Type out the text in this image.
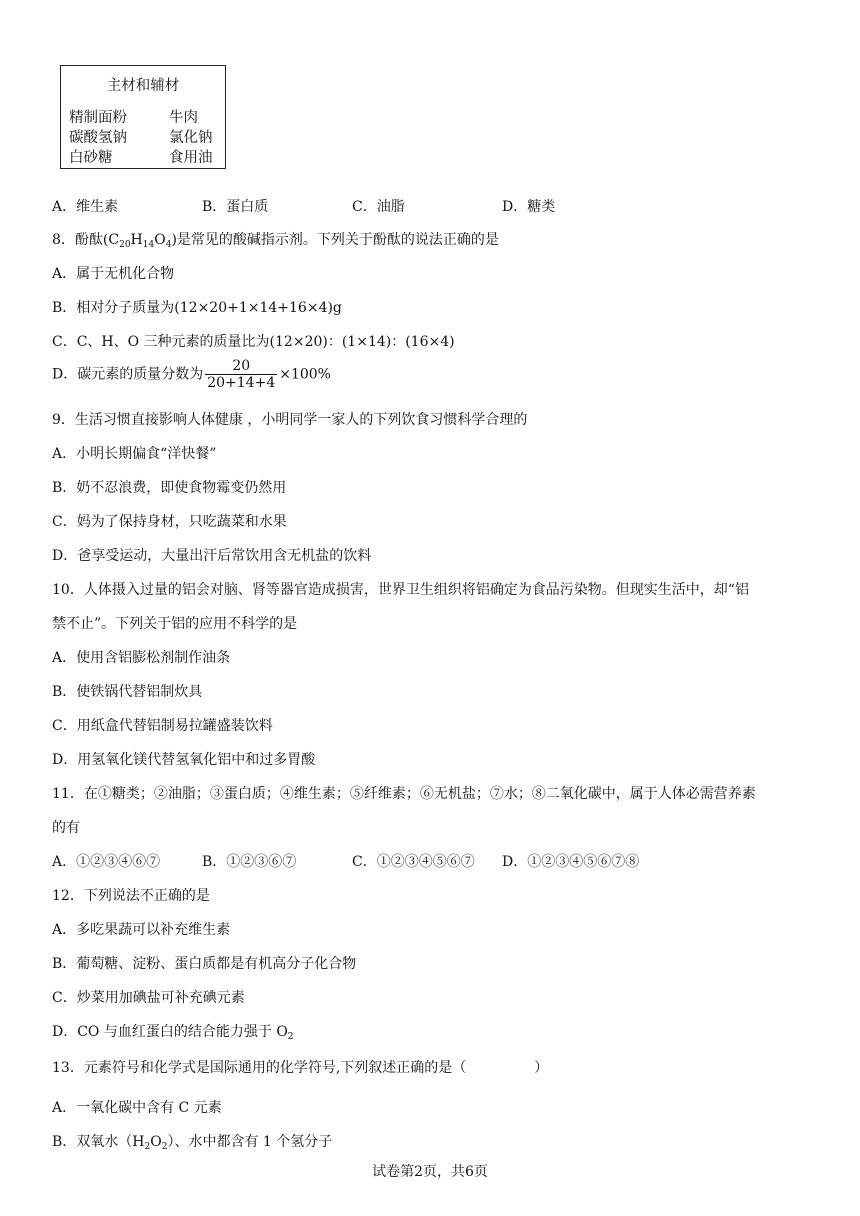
主材和辅材
精制面粉	牛肉
碳酸氢钠	氯化钠
白砂糖	食用油
A．维生素	B．蛋白质	C．油脂	D．糖类
8．酚酞$(C_{20}H_{14}O_4)$是常见的酸碱指示剂。下列关于酚酞的说法正确的是
A．属于无机化合物
B．相对分子质量为(12×20+1×14+16×4)g
C．C、H、O 三种元素的质量比为(12×20)：(1×14)：(16×4)
D．碳元素的质量分数为 $\frac{20}{20+14+4} \times 100\%$
9．生活习惯直接影响人体健康 ，小明同学一家人的下列饮食习惯科学合理的
A．小明长期偏食“洋快餐”
B．奶不忍浪费，即使食物霉变仍然用
C．妈为了保持身材，只吃蔬菜和水果
D．爸享受运动，大量出汗后常饮用含无机盐的饮料
10．人体摄入过量的铝会对脑、肾等器官造成损害，世界卫生组织将铝确定为食品污染物。但现实生活中，却“铝
禁不止”。下列关于铝的应用不科学的是
A．使用含铝膨松剂制作油条
B．使铁锅代替铝制炊具
C．用纸盒代替铝制易拉罐盛装饮料
D．用氢氧化镁代替氢氧化铝中和过多胃酸
11．在①糖类；②油脂；③蛋白质；④维生素；⑤纤维素；⑥无机盐；⑦水；⑧二氧化碳中，属于人体必需营养素
的有
A．①②③④⑥⑦	B．①②③⑥⑦	C．①②③④⑤⑥⑦ D．①②③④⑤⑥⑦⑧
12．下列说法不正确的是
A．多吃果蔬可以补充维生素
B．葡萄糖、淀粉、蛋白质都是有机高分子化合物
C．炒菜用加碘盐可补充碘元素
D．CO 与血红蛋白的结合能力强于 $O_2$
13．元素符号和化学式是国际通用的化学符号,下列叙述正确的是（	）
A．一氧化碳中含有 C 元素
B．双氧水$(H_2O_2)$、水中都含有 1 个氢分子
试卷第2页，共6页
